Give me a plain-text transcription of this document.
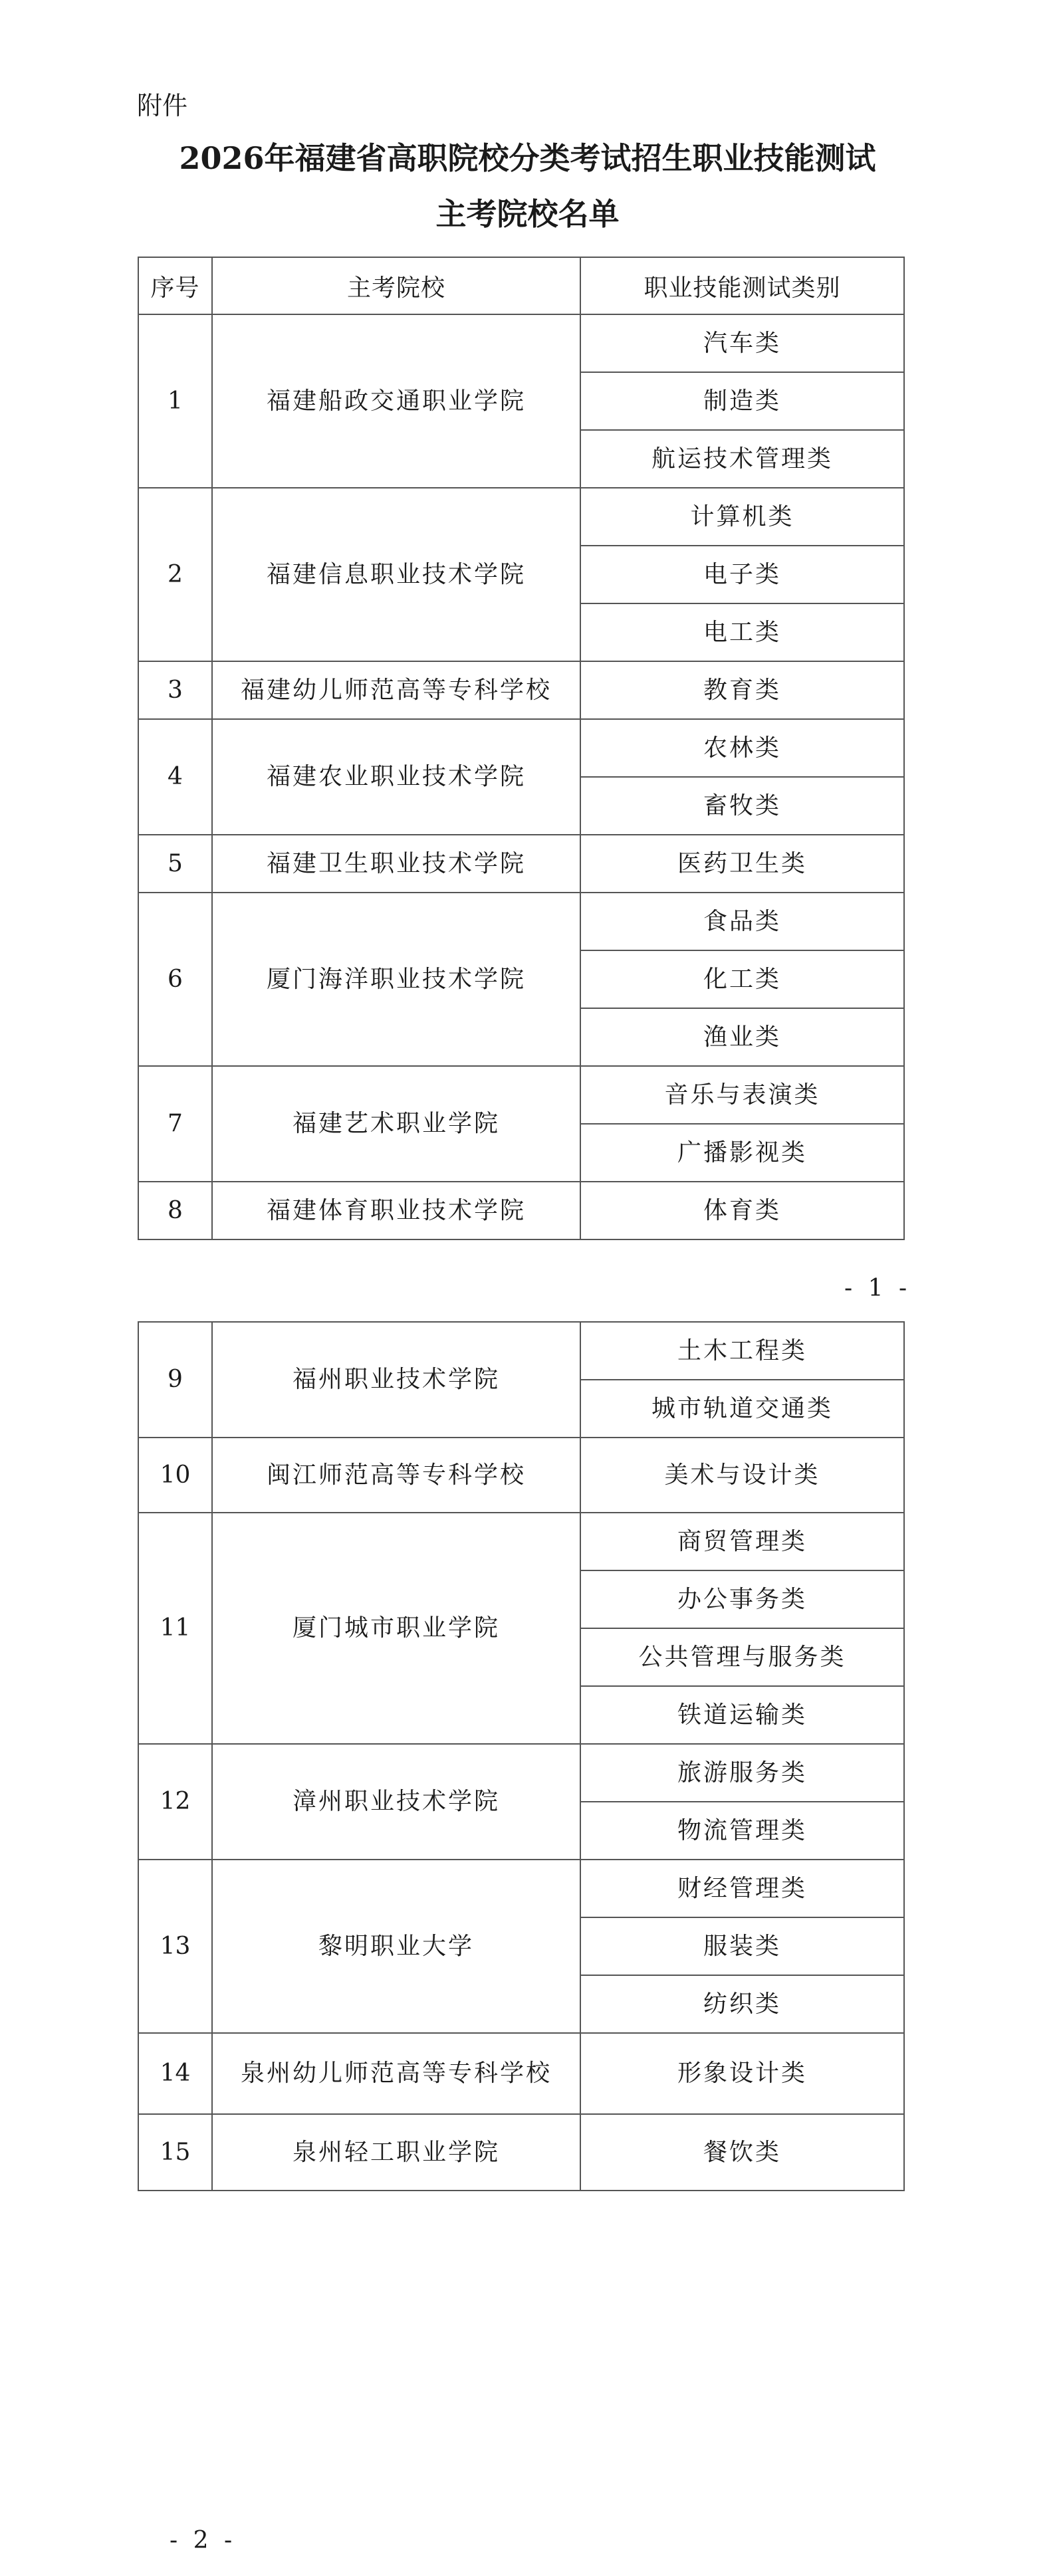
附件
2026年福建省高职院校分类考试招生职业技能测试
主考院校名单
序号	主考院校	职业技能测试类别
1	福建船政交通职业学院	汽车类
		制造类
		航运技术管理类
2	福建信息职业技术学院	计算机类
		电子类
		电工类
3	福建幼儿师范高等专科学校	教育类
4	福建农业职业技术学院	农林类
		畜牧类
5	福建卫生职业技术学院	医药卫生类
6	厦门海洋职业技术学院	食品类
		化工类
		渔业类
7	福建艺术职业学院	音乐与表演类
		广播影视类
8	福建体育职业技术学院	体育类
- 1 -
9	福州职业技术学院	土木工程类
		城市轨道交通类
10	闽江师范高等专科学校	美术与设计类
11	厦门城市职业学院	商贸管理类
		办公事务类
		公共管理与服务类
		铁道运输类
12	漳州职业技术学院	旅游服务类
		物流管理类
13	黎明职业大学	财经管理类
		服装类
		纺织类
14	泉州幼儿师范高等专科学校	形象设计类
15	泉州轻工职业学院	餐饮类
- 2 -
